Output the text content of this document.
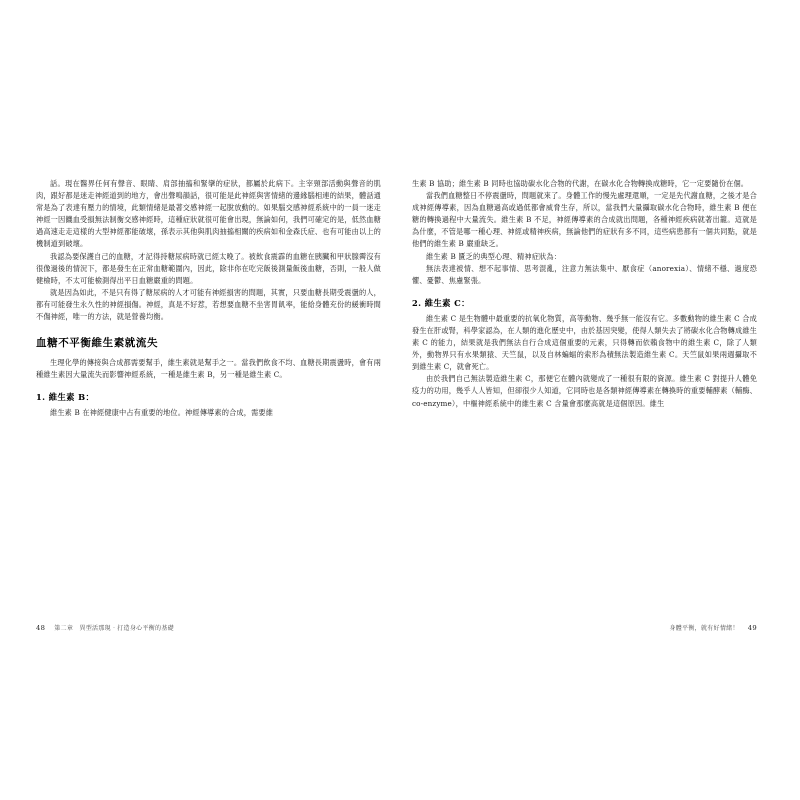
話。現在醫界任何有聲音、眼睛、肩部抽搐和緊攣的症狀，都屬於此病下。主宰頸部活動與聲音的肌肉，跟好都是迷走神經道到的地方，會出聲鳴韻話，很可能是此神經與害情緒的邊緣腦相連的結果，體話通常是為了表達有壓力的情境，此類情緒是最著交感神經一起脫放動的。如果腦交感神經系統中的一員一迷走神經一因饑血受損無法制衡交感神經時，這種症狀就很可能會出現，無論如何，我們可確定的是，低然血糖過高速走走這樣的大型神經都能破壞，孫表示其他與肌肉抽搐相關的疾病如和金森氏症、也有可能由以上的機制道到破壞。

我認為要保護自己的血糖，才記得持糖尿病時就已經太晚了。被飲食震霹的血糖在胰臟和甲狀腺霽沒有很像過後的情況下，都是發生在正常血糖範圍內，因此，除非你在吃完飯後測量飯後血糖，否則，一般人做健檢時，不太可能檢測得出平日血糖嚴重的問題。

就是因為如此，不是只有得了糖尿病的人才可能有神經損害的問題，其實，只要血糖長期受震盪的人，都有可能發生永久性的神經損傷。神經，真是不好惹，若想要血糖不坐害胃飢率，能給身體充份的緩衝時間不傷神經，唯一的方法，就是營養均衡。

血糖不平衡維生素就流失

生理化學的傳接與合成都需要幫手，維生素就是幫手之一。當我們飲食不均、血糖長期震盪時，會有兩種維生素因大量流失而影響神經系統，一種是維生素 B，另一種是維生素 C。

1. 維生素 B：

維生素 B 在神經健康中占有重要的地位。神經傳導素的合成，需要維

48 第二章　異型活那現‧打造身心平衡的基礎

生素 B 協助；維生素 B 同時也協助碳水化合物的代謝，在碳水化合物轉換成糖時，它一定要隨份在個。

當我們血糖整日不停震盪時，問題就來了。身體工作的慢先處理還順，一定是先代謝血糖，之後才是合成神經傳導素，因為血糖過高或過低都會威脅生存，所以，當我們大量攝取碳水化合物時，維生素 B 便在糖的轉換過程中大量流失。維生素 B 不足，神經傳導素的合成就出問題，各種神經疾病就著出籠。這就是為什麼，不管是哪一種心理、神經或精神疾病，無論他們的症狀有多不同，這些病患都有一個共同點，就是他們的維生素 B 嚴重缺乏。

維生素 B 匱乏的典型心理、精神症狀為：

無法表達被情、想不起事情、思考混亂，注意力無法集中、厭食症（anorexia）、情緒不穩、過度恐懼、憂鬱、焦慮緊張。

2. 維生素 C：

維生素 C 是生物體中最重要的抗氧化物質，高等動物、幾乎無一能沒有它。多數動物的維生素 C 合成發生在肝或腎，科學家認為，在人類的進化歷史中，由於基因突變，使得人類失去了將碳水化合物轉成維生素 C 的能力，結果就是我們無法自行合成這個重要的元素，只得轉而依賴食物中的維生素 C，除了人類外，動物界只有水果類猿、天竺鼠，以及自林蝙蝠的索形為積無法製造維生素 C。天竺鼠如果兩週攝取不到維生素 C，就會死亡。

由於我們自己無法製造維生素 C，那便它在體內就變成了一種很有限的資源。維生素 C 對提升人體免疫力的功用，幾乎人人皆知，但卻很少人知道，它同時也是各類神經傳導素在轉換時的重要輔酵素（輔酶、co-enzyme），中樞神經系統中的維生素 C 含量會那麼高就是這個原因。維生

身體平衡，就有好情緒！ 49
